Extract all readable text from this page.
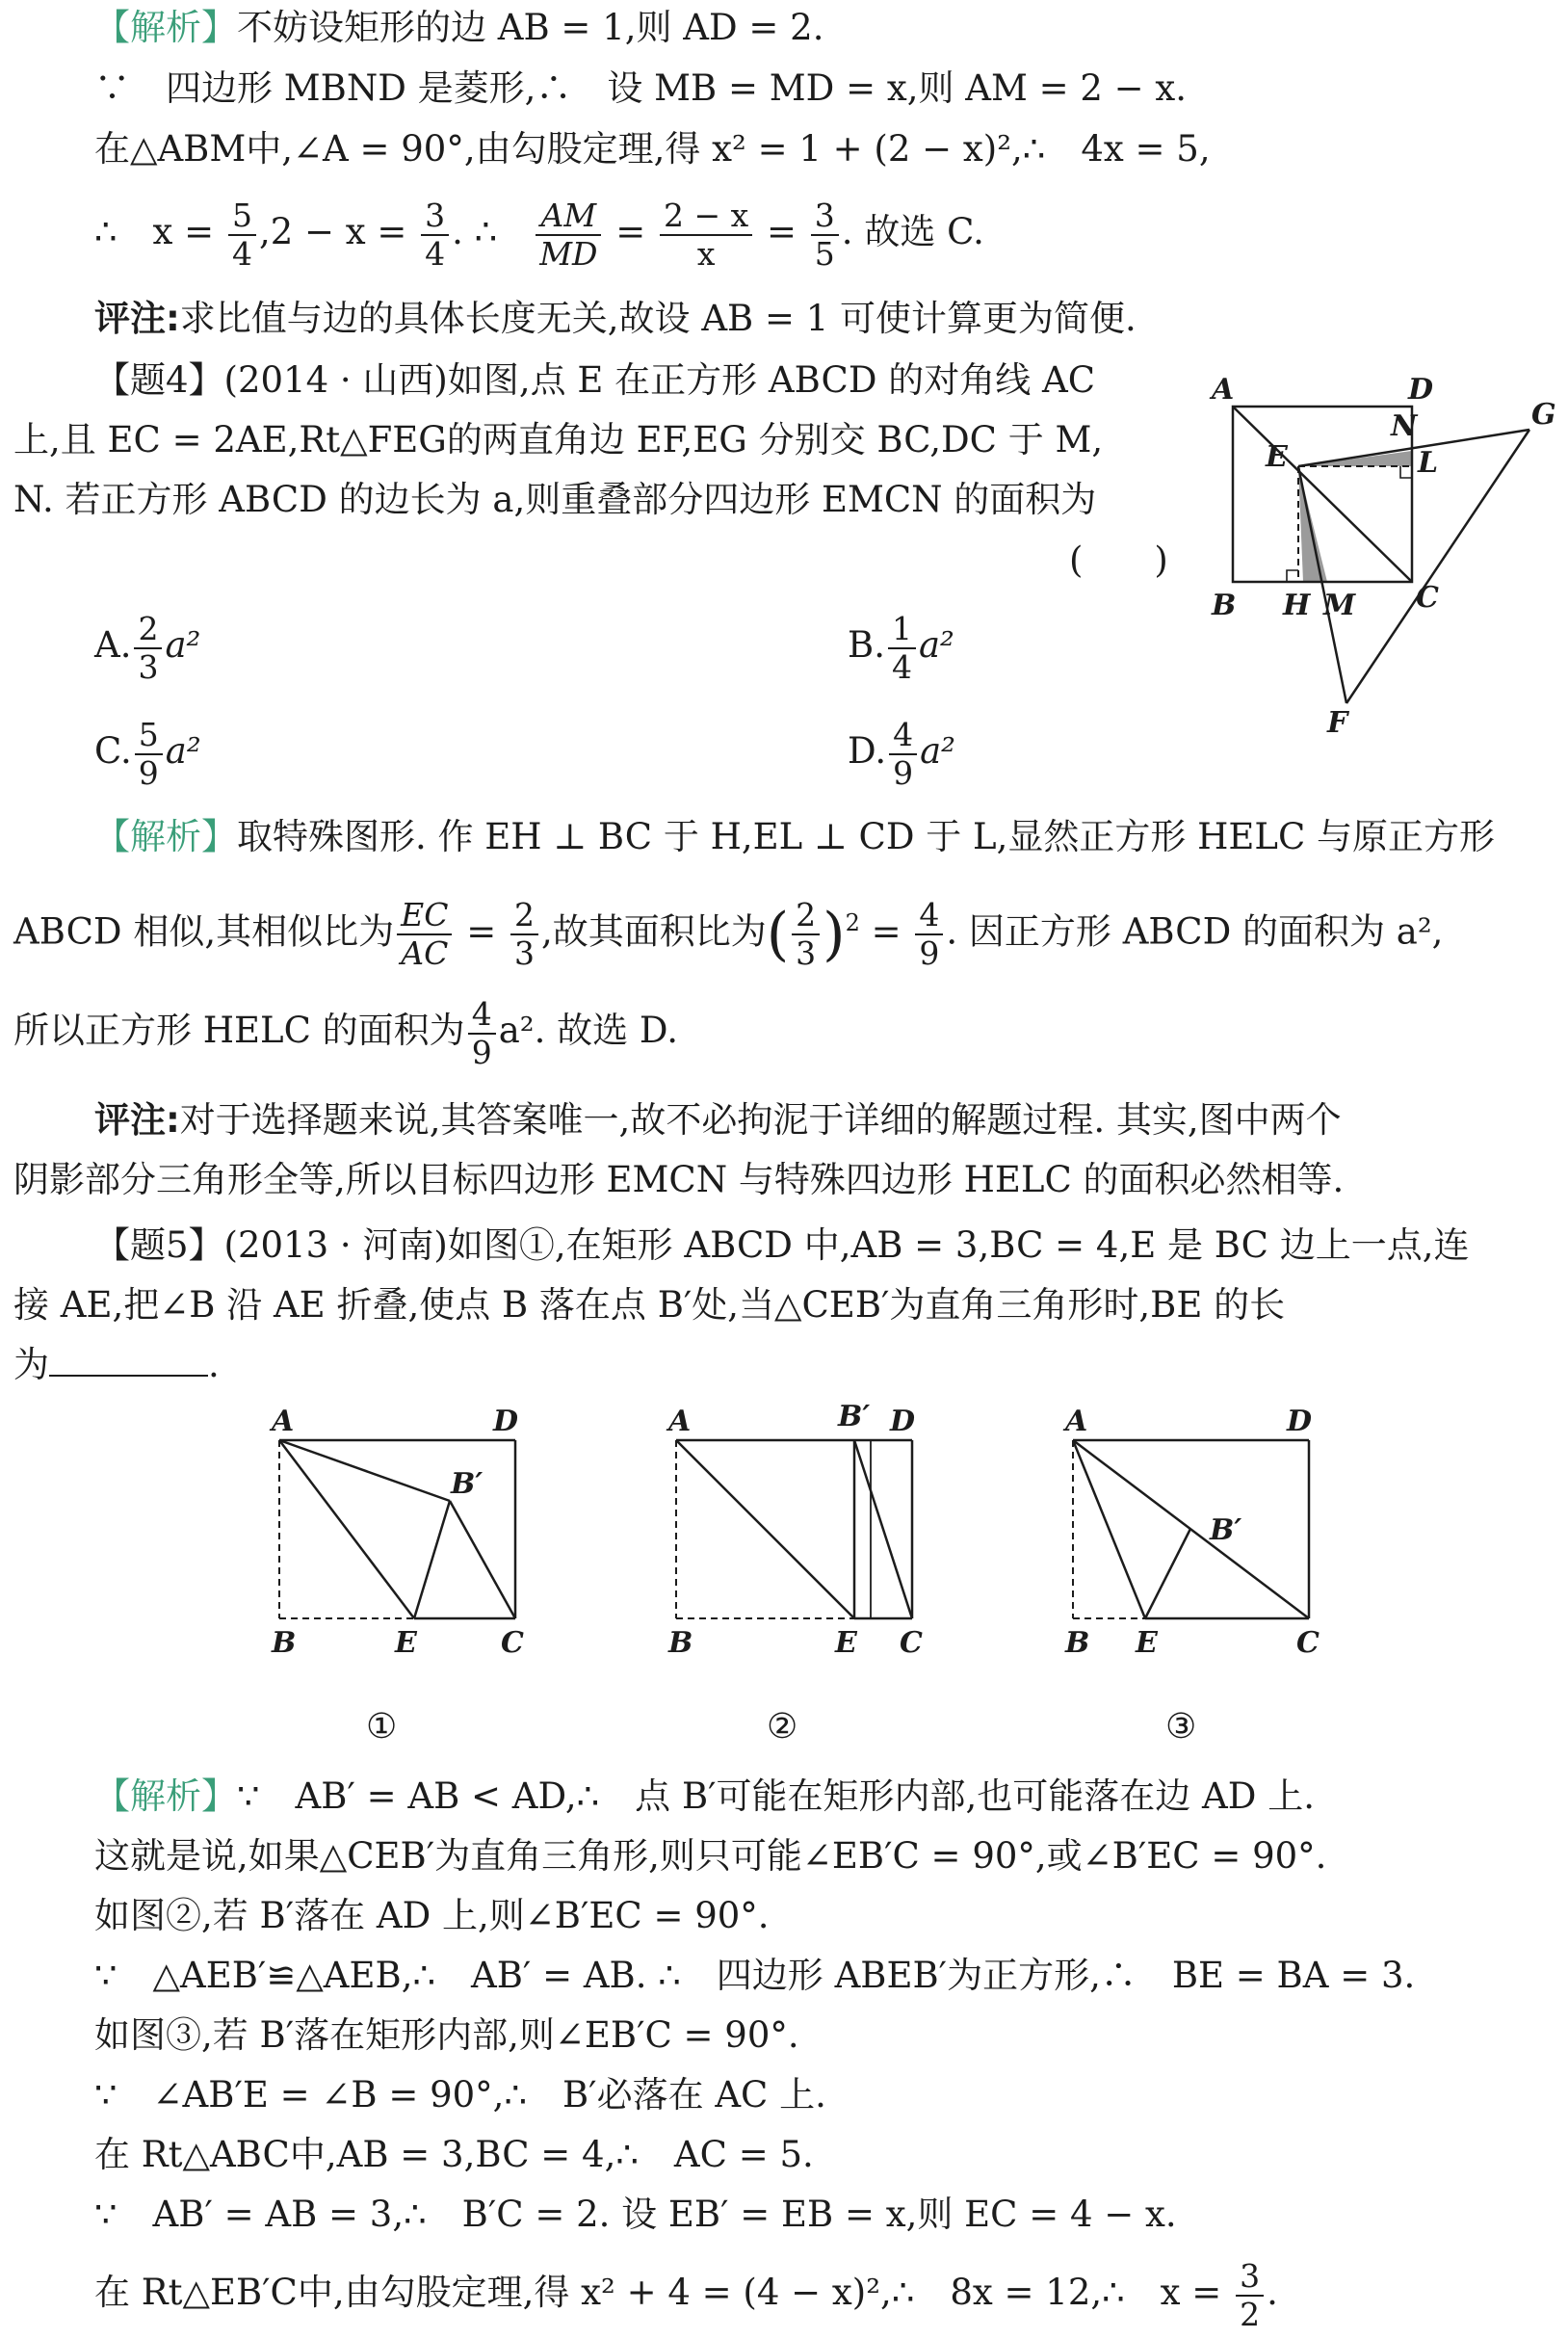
【解析】不妨设矩形的边 AB = 1,则 AD = 2.
∵　四边形 MBND 是菱形,∴　设 MB = MD = x,则 AM = 2 − x.
在△ABM中,∠A = 90°,由勾股定理,得 x² = 1 + (2 − x)²,∴　4x = 5,
∴　$x = \frac{5}{4} ,2 - x = \frac{3}{4}$ . ∴　 $\frac{AM}{MD} = \frac{2 - x}{x} = \frac{3}{5}$ . 故选 C.
评注:求比值与边的具体长度无关,故设 AB = 1 可使计算更为简便.
【题4】(2014 · 山西)如图,点 E 在正方形 ABCD 的对角线 AC
上,且 EC = 2AE,Rt△FEG的两直角边 EF,EG 分别交 BC,DC 于 M,
N. 若正方形 ABCD 的边长为 a,则重叠部分四边形 EMCN 的面积为
(　　)
A. $\frac{2}{3} a^2$	B. $\frac{1}{4} a^2$
C. $\frac{5}{9} a^2$	D. $\frac{4}{9} a^2$
A	D
B	C
E
N
L
G
H M
F
【解析】取特殊图形. 作 EH ⊥ BC 于 H,EL ⊥ CD 于 L,显然正方形 HELC 与原正方形
ABCD 相似,其相似比为 $\frac{EC}{AC} = \frac{2}{3}$ ,故其面积比为( $\frac{2}{3} )^2 = \frac{4}{9}$ . 因正方形 ABCD 的面积为 a²,
所以正方形 HELC 的面积为 $\frac{4}{9} a^2$. 故选 D.
评注:对于选择题来说,其答案唯一,故不必拘泥于详细的解题过程. 其实,图中两个
阴影部分三角形全等,所以目标四边形 EMCN 与特殊四边形 HELC 的面积必然相等.
【题5】(2013 · 河南)如图①,在矩形 ABCD 中,AB = 3,BC = 4,E 是 BC 边上一点,连
接 AE,把∠B 沿 AE 折叠,使点 B 落在点 B′处,当△CEB′为直角三角形时,BE 的长
为	.
A	D
B	E	C
B′
A	B′ D
B	E C
A	D
B E	C
B′
①	②	③
【解析】∵　AB′ = AB < AD,∴　点 B′可能在矩形内部,也可能落在边 AD 上.
这就是说,如果△CEB′为直角三角形,则只可能∠EB′C = 90°,或∠B′EC = 90°.
如图②,若 B′落在 AD 上,则∠B′EC = 90°.
∵　△AEB′≌△AEB,∴　AB′ = AB. ∴　四边形 ABEB′为正方形,∴　BE = BA = 3.
如图③,若 B′落在矩形内部,则∠EB′C = 90°.
∵　∠AB′E = ∠B = 90°,∴　B′必落在 AC 上.
在 Rt△ABC中,AB = 3,BC = 4,∴　AC = 5.
∵　AB′ = AB = 3,∴　B′C = 2. 设 EB′ = EB = x,则 EC = 4 − x.
在 Rt△EB′C中,由勾股定理,得 x² + 4 = (4 − x)²,∴　8x = 12,∴　$x = \frac{3}{2}$ .
